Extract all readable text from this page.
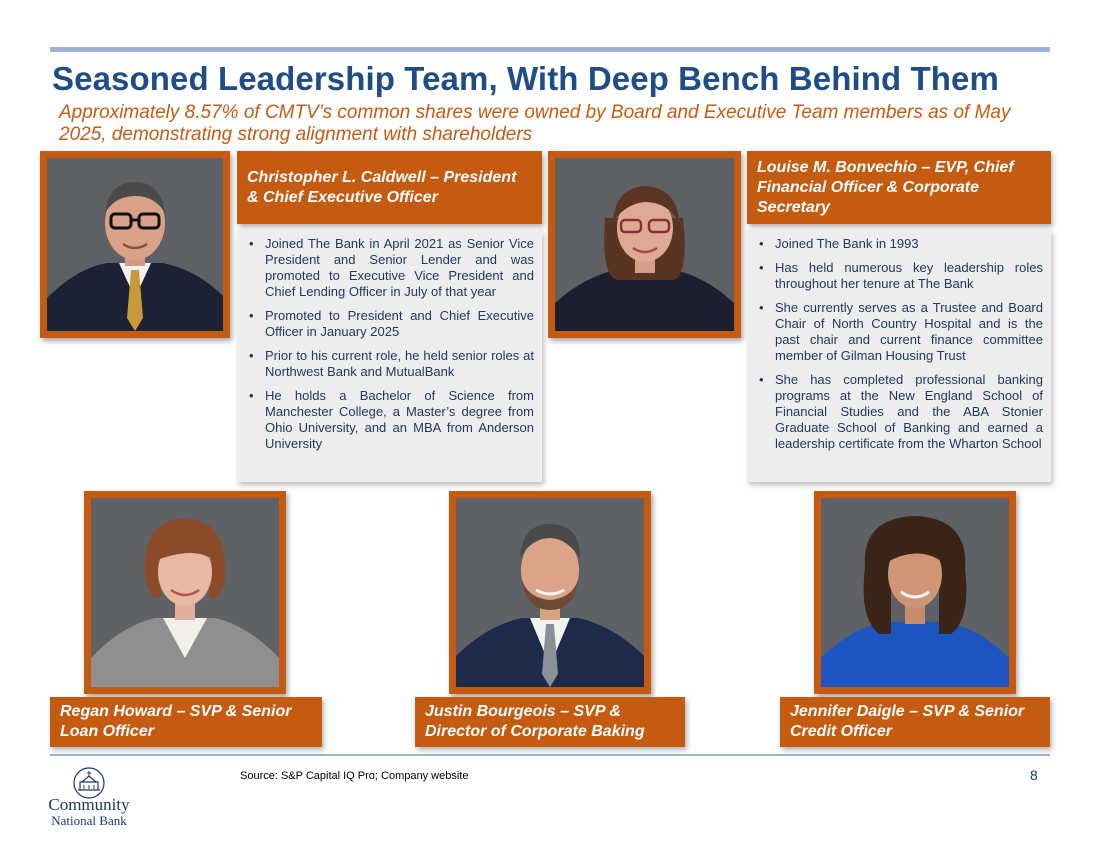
Seasoned Leadership Team, With Deep Bench Behind Them
Approximately 8.57% of CMTV’s common shares were owned by Board and Executive Team members as of May 2025, demonstrating strong alignment with shareholders
Christopher L. Caldwell – President & Chief Executive Officer
• Joined The Bank in April 2021 as Senior Vice President and Senior Lender and was promoted to Executive Vice President and Chief Lending Officer in July of that year
• Promoted to President and Chief Executive Officer in January 2025
• Prior to his current role, he held senior roles at Northwest Bank and MutualBank
• He holds a Bachelor of Science from Manchester College, a Master’s degree from Ohio University, and an MBA from Anderson University
Louise M. Bonvechio – EVP, Chief Financial Officer & Corporate Secretary
• Joined The Bank in 1993
• Has held numerous key leadership roles throughout her tenure at The Bank
• She currently serves as a Trustee and Board Chair of North Country Hospital and is the past chair and current finance committee member of Gilman Housing Trust
• She has completed professional banking programs at the New England School of Financial Studies and the ABA Stonier Graduate School of Banking and earned a leadership certificate from the Wharton School
Regan Howard – SVP & Senior Loan Officer
Justin Bourgeois – SVP & Director of Corporate Baking
Jennifer Daigle – SVP & Senior Credit Officer
Community
National Bank
Source: S&P Capital IQ Pro; Company website	8
